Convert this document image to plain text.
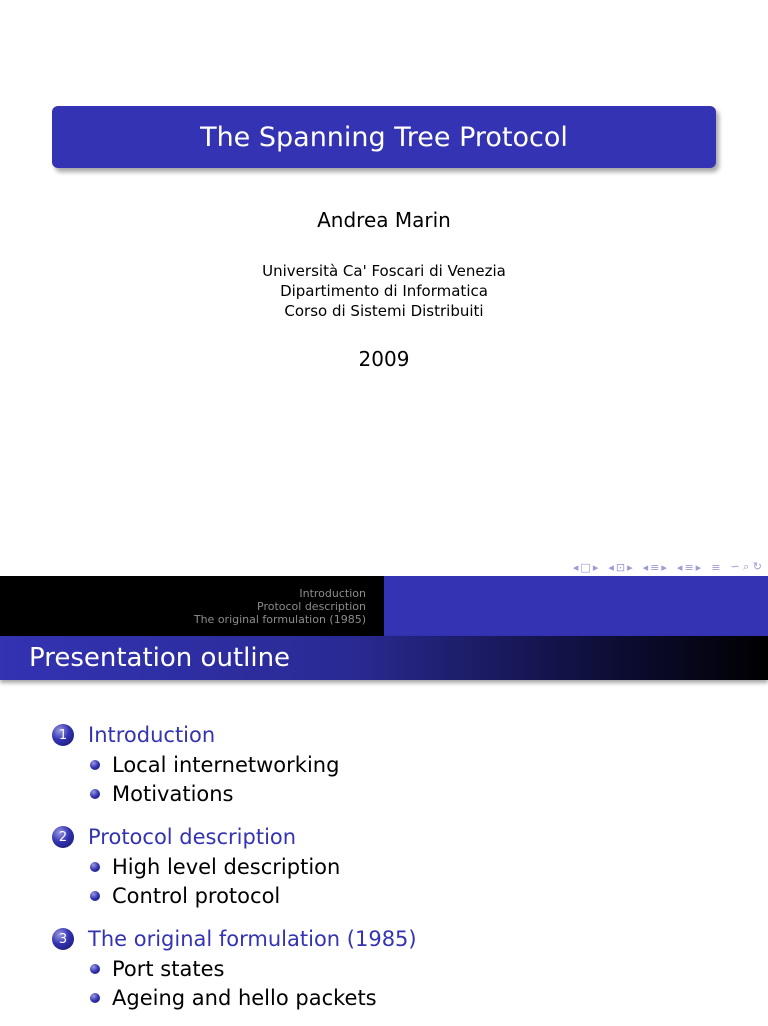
The Spanning Tree Protocol
Andrea Marin
Università Ca' Foscari di Venezia
Dipartimento di Informatica
Corso di Sistemi Distribuiti
2009
◂ □ ▸ ◂ ⊡ ▸ ◂ ≡ ▸ ◂ ≡ ▸ ≡ ∽ ⌕ ↻
Introduction
Protocol description
The original formulation (1985)
Presentation outline
1 Introduction
Local internetworking
Motivations
2 Protocol description
High level description
Control protocol
3 The original formulation (1985)
Port states
Ageing and hello packets
